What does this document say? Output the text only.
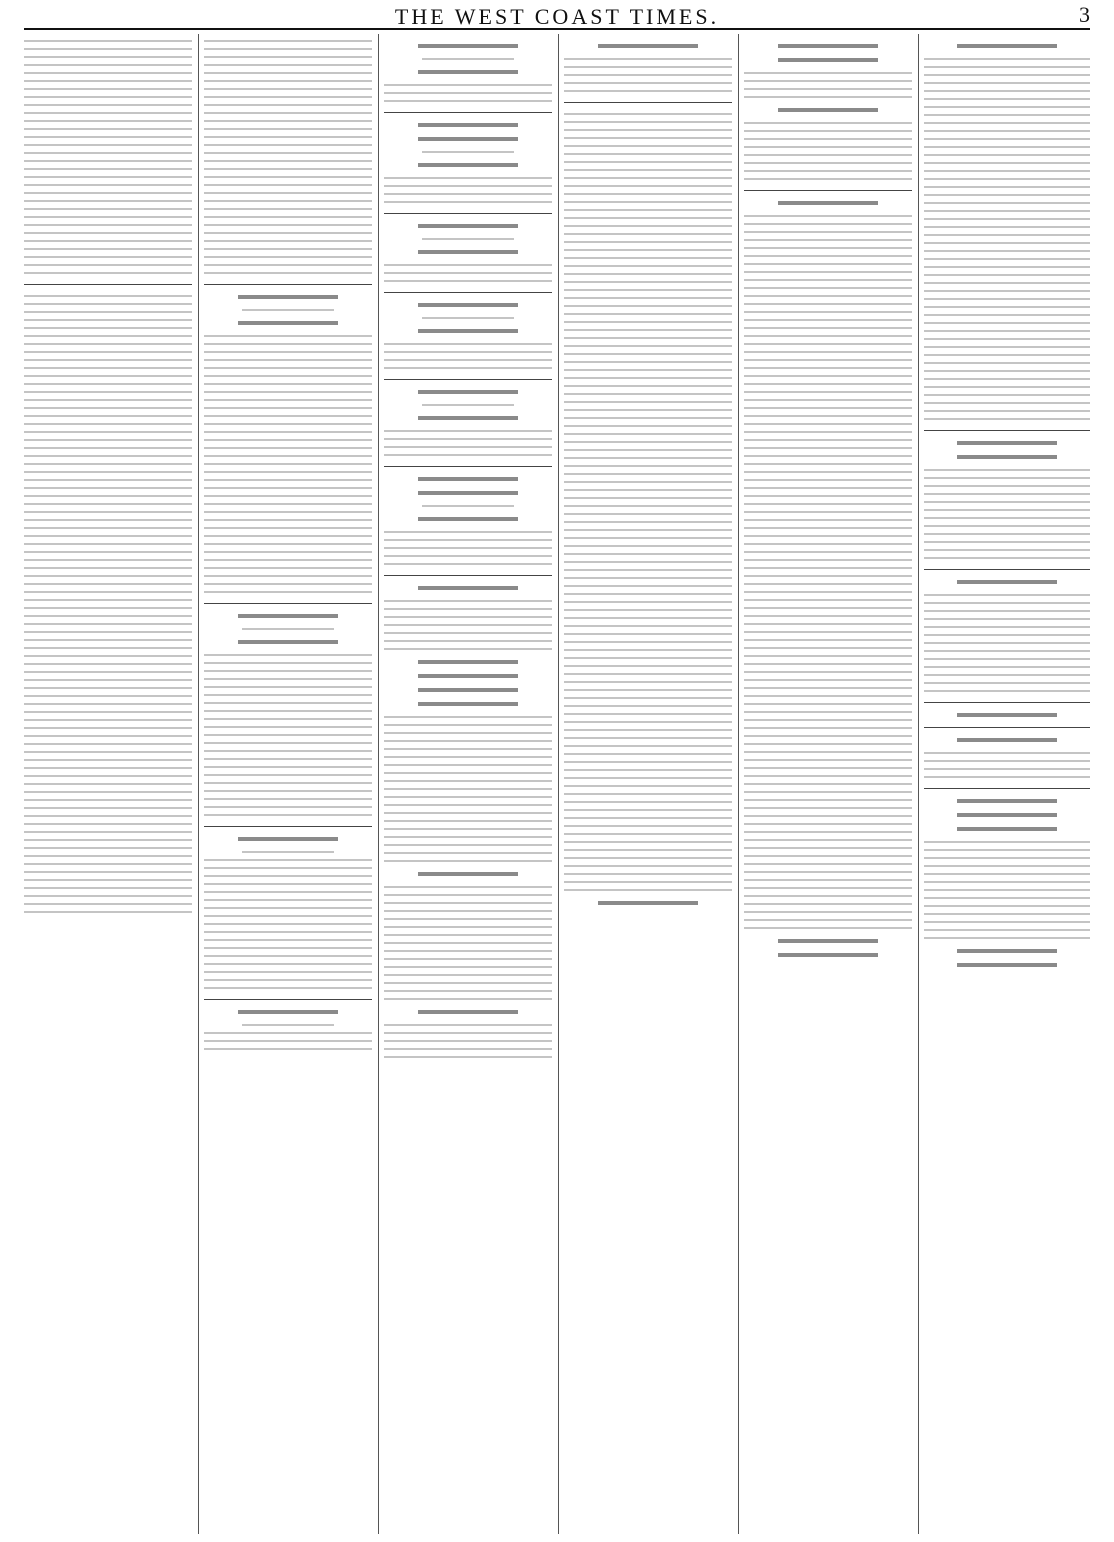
THE WEST COAST TIMES.	3
